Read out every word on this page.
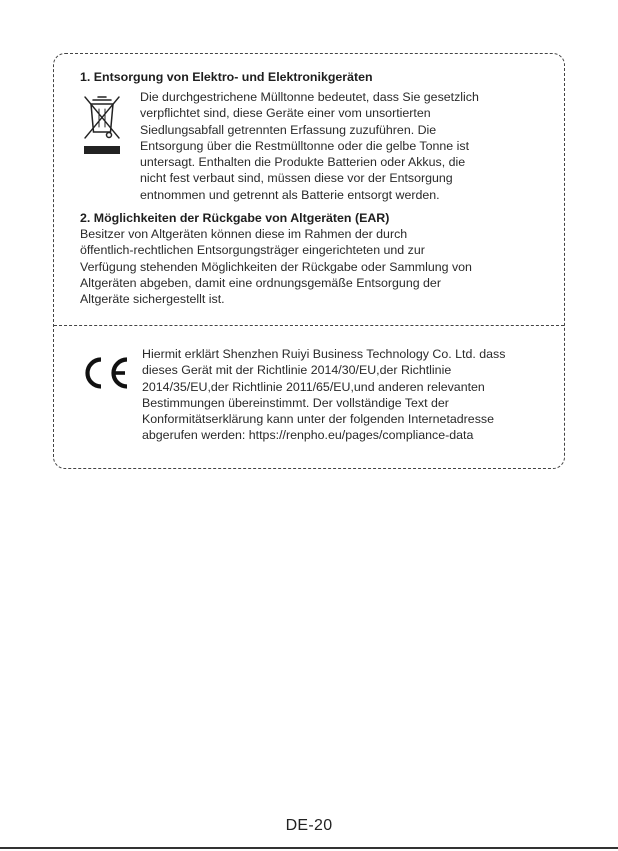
1. Entsorgung von Elektro- und Elektronikgeräten
Die durchgestrichene Mülltonne bedeutet, dass Sie gesetzlich
verpflichtet sind, diese Geräte einer vom unsortierten
Siedlungsabfall getrennten Erfassung zuzuführen. Die
Entsorgung über die Restmülltonne oder die gelbe Tonne ist
untersagt. Enthalten die Produkte Batterien oder Akkus, die
nicht fest verbaut sind, müssen diese vor der Entsorgung
entnommen und getrennt als Batterie entsorgt werden.
2. Möglichkeiten der Rückgabe von Altgeräten (EAR)
Besitzer von Altgeräten können diese im Rahmen der durch
öffentlich-rechtlichen Entsorgungsträger eingerichteten und zur
Verfügung stehenden Möglichkeiten der Rückgabe oder Sammlung von
Altgeräten abgeben, damit eine ordnungsgemäße Entsorgung der
Altgeräte sichergestellt ist.
Hiermit erklärt Shenzhen Ruiyi Business Technology Co. Ltd. dass
dieses Gerät mit der Richtlinie 2014/30/EU,der Richtlinie
2014/35/EU,der Richtlinie 2011/65/EU,und anderen relevanten
Bestimmungen übereinstimmt. Der vollständige Text der
Konformitätserklärung kann unter der folgenden Internetadresse
abgerufen werden: https://renpho.eu/pages/compliance-data
DE-20
